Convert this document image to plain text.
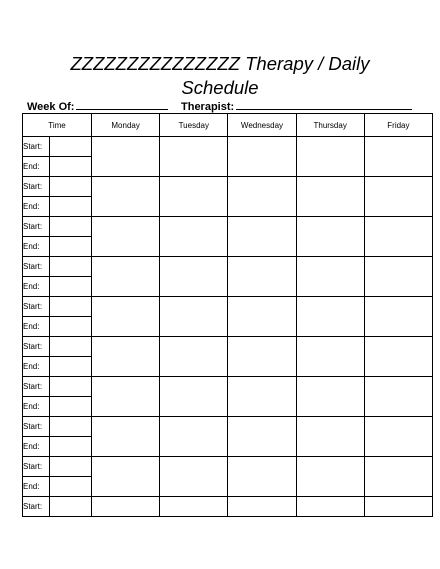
ZZZZZZZZZZZZZZZ Therapy / Daily
Schedule
Week Of:	Therapist:
Time		Monday	Tuesday	Wednesday	Thursday	Friday
Start:						
End:						
Start:						
End:						
Start:						
End:						
Start:						
End:						
Start:						
End:						
Start:						
End:						
Start:						
End:						
Start:						
End:						
Start:						
End:						
Start:						
